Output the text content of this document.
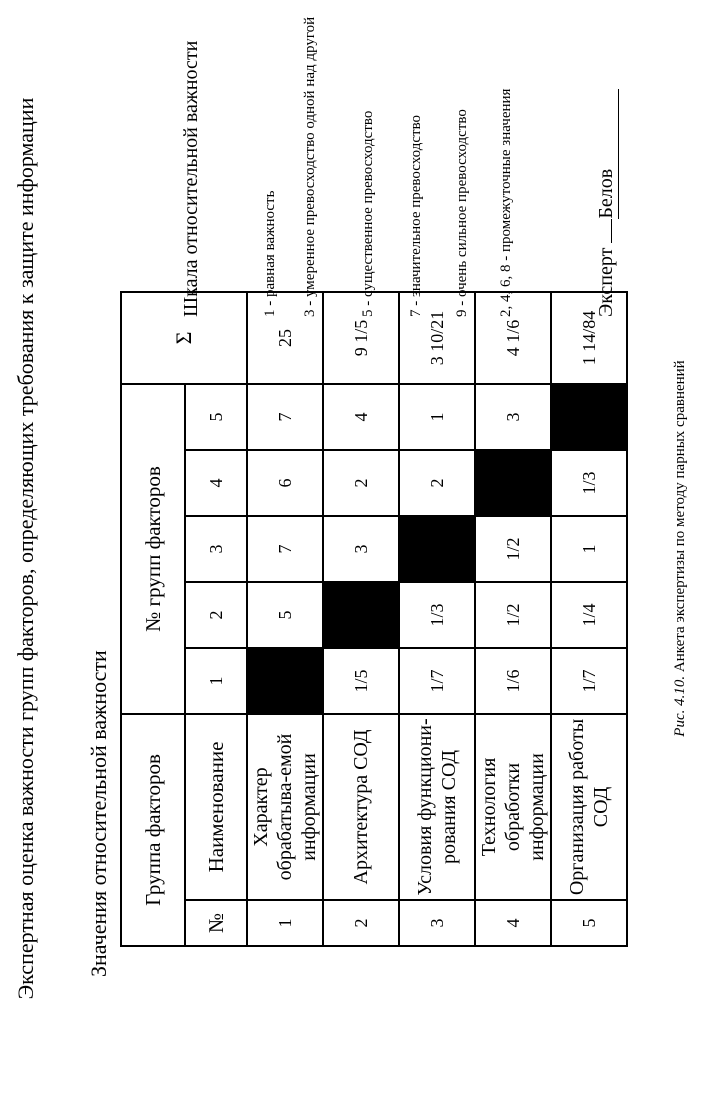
Экспертная оценка важности групп факторов, определяющих требования к защите информации Значения относительной важности Группа факторов		№ групп факторов					Σ
№	Наименование	1	2	3	4	5	
1	Характер обрабатыва-емой информации		5	7	6	7	25
2	Архитектура СОД	1/5		3	2	4	9 1/5
3	Условия функциони-рования СОД	1/7	1/3		2	1	3 10/21
4	Технология обработки информации	1/6	1/2	1/2		3	4 1/6
5	Организация работы СОД	1/7	1/4	1	1/3		1 14/84
Шкала относительной важности	1 - равная важность 3 - умеренное превосходство одной над другой	5 - существенное превосходство 7 - значительное превосходство 9 - очень сильное превосходство 2, 4, 6, 8 - промежуточные значения	Эксперт Белов
Рис. 4.10. Анкета экспертизы по методу парных сравнений
